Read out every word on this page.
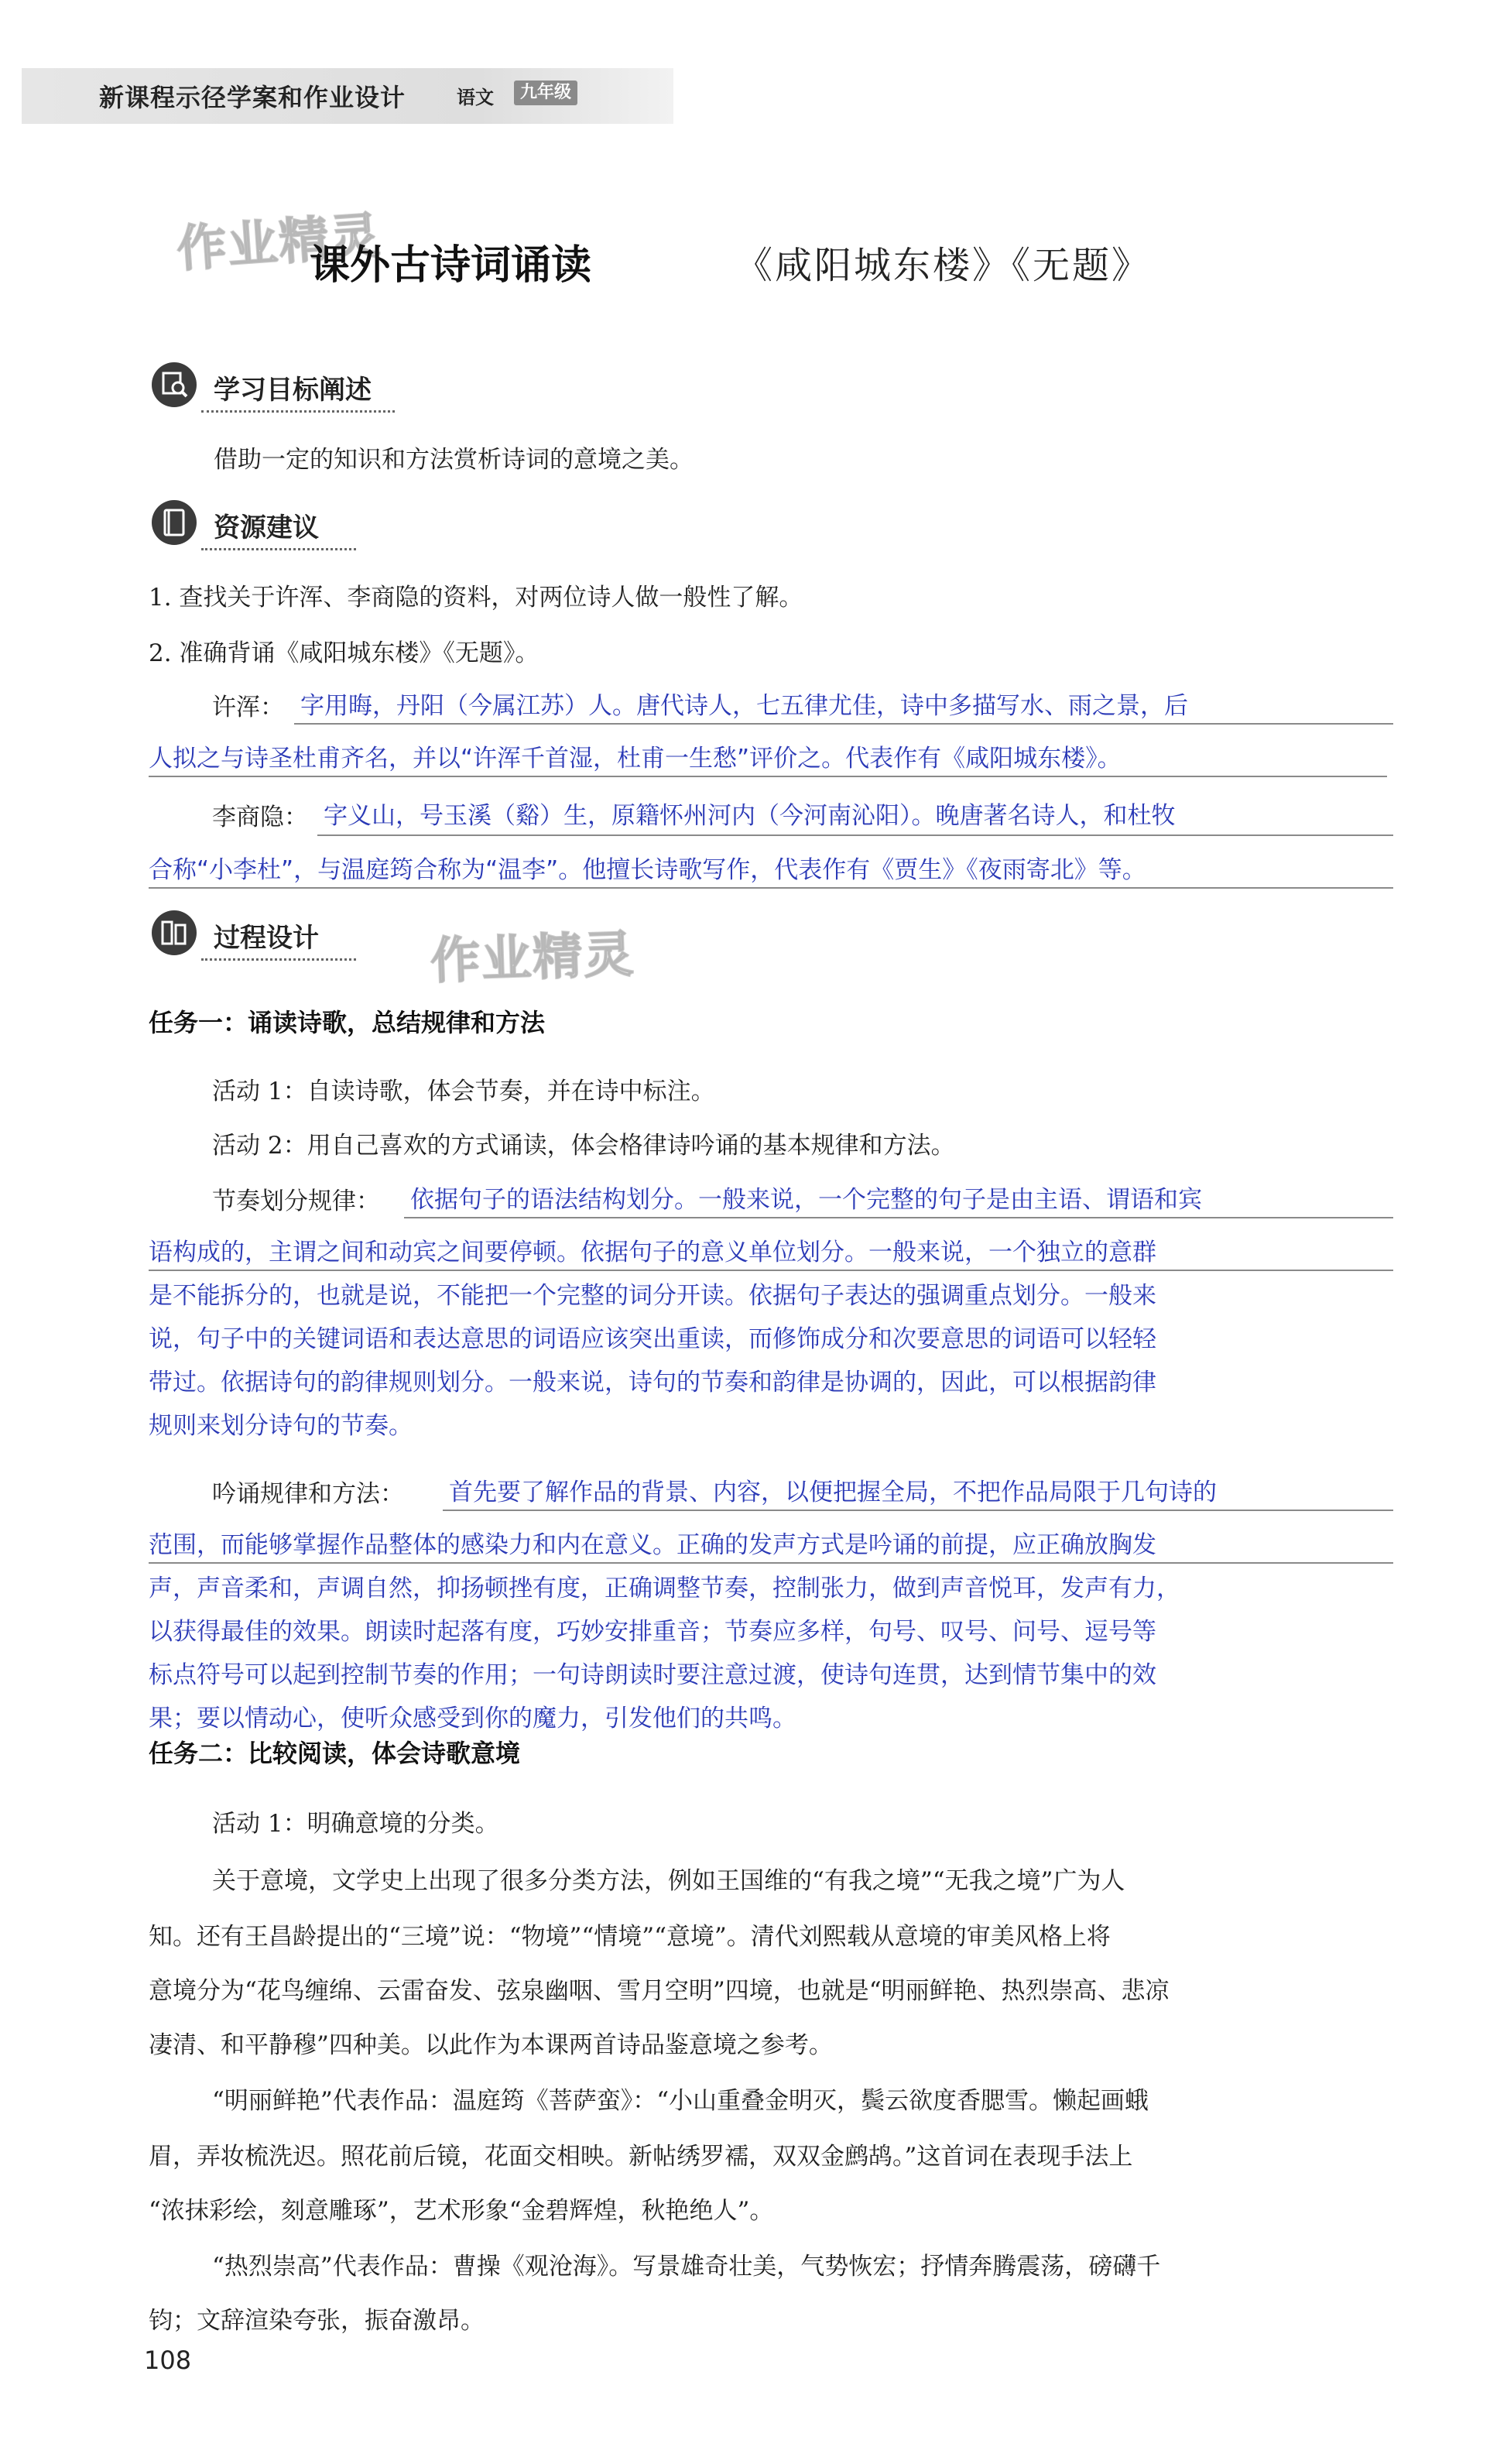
新课程示径学案和作业设计	语文	九年级
作业精灵
作业精灵
课外古诗词诵读	《咸阳城东楼》《无题》
学习目标阐述
借助一定的知识和方法赏析诗词的意境之美。
资源建议
1. 查找关于许浑、李商隐的资料，对两位诗人做一般性了解。
2. 准确背诵《咸阳城东楼》《无题》。
许浑： 字用晦，丹阳（今属江苏）人。唐代诗人，七五律尤佳，诗中多描写水、雨之景，后
人拟之与诗圣杜甫齐名，并以“许浑千首湿，杜甫一生愁”评价之。代表作有《咸阳城东楼》。
李商隐： 字义山，号玉溪（谿）生，原籍怀州河内（今河南沁阳）。晚唐著名诗人，和杜牧
合称“小李杜”，与温庭筠合称为“温李”。他擅长诗歌写作，代表作有《贾生》《夜雨寄北》等。
过程设计
任务一：诵读诗歌，总结规律和方法
活动 1：自读诗歌，体会节奏，并在诗中标注。
活动 2：用自己喜欢的方式诵读，体会格律诗吟诵的基本规律和方法。
节奏划分规律： 依据句子的语法结构划分。一般来说，一个完整的句子是由主语、谓语和宾
语构成的，主谓之间和动宾之间要停顿。依据句子的意义单位划分。一般来说，一个独立的意群
是不能拆分的，也就是说，不能把一个完整的词分开读。依据句子表达的强调重点划分。一般来
说，句子中的关键词语和表达意思的词语应该突出重读，而修饰成分和次要意思的词语可以轻轻
带过。依据诗句的韵律规则划分。一般来说，诗句的节奏和韵律是协调的，因此，可以根据韵律
规则来划分诗句的节奏。
吟诵规律和方法： 首先要了解作品的背景、内容，以便把握全局，不把作品局限于几句诗的
范围，而能够掌握作品整体的感染力和内在意义。正确的发声方式是吟诵的前提，应正确放胸发
声，声音柔和，声调自然，抑扬顿挫有度，正确调整节奏，控制张力，做到声音悦耳，发声有力，
以获得最佳的效果。朗读时起落有度，巧妙安排重音；节奏应多样，句号、叹号、问号、逗号等
标点符号可以起到控制节奏的作用；一句诗朗读时要注意过渡，使诗句连贯，达到情节集中的效
果；要以情动心，使听众感受到你的魔力，引发他们的共鸣。
任务二：比较阅读，体会诗歌意境
活动 1：明确意境的分类。
关于意境，文学史上出现了很多分类方法，例如王国维的“有我之境”“无我之境”广为人
知。还有王昌龄提出的“三境”说：“物境”“情境”“意境”。清代刘熙载从意境的审美风格上将
意境分为“花鸟缠绵、云雷奋发、弦泉幽咽、雪月空明”四境，也就是“明丽鲜艳、热烈崇高、悲凉
凄清、和平静穆”四种美。以此作为本课两首诗品鉴意境之参考。
“明丽鲜艳”代表作品：温庭筠《菩萨蛮》：“小山重叠金明灭，鬓云欲度香腮雪。懒起画蛾
眉，弄妆梳洗迟。照花前后镜，花面交相映。新帖绣罗襦，双双金鹧鸪。”这首词在表现手法上
“浓抹彩绘，刻意雕琢”，艺术形象“金碧辉煌，秋艳绝人”。
“热烈崇高”代表作品：曹操《观沧海》。写景雄奇壮美，气势恢宏；抒情奔腾震荡，磅礴千
钧；文辞渲染夸张，振奋激昂。
108
